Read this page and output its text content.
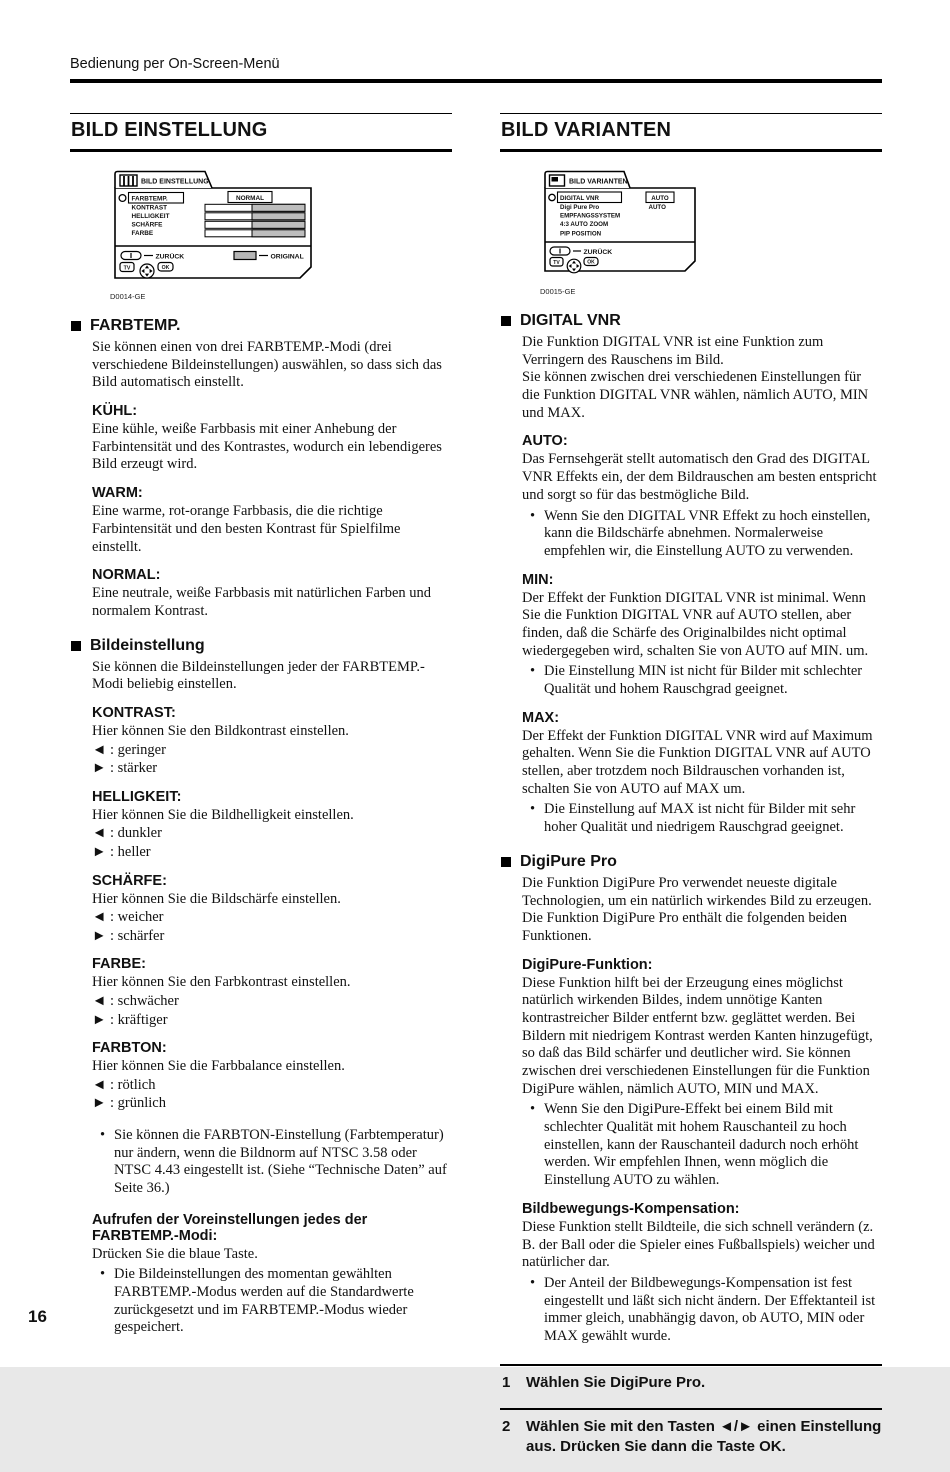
Bedienung per On-Screen-Menü
BILD EINSTELLUNG
BILD EINSTELLUNG
FARBTEMP.	NORMAL
KONTRAST
HELLIGKEIT
SCHÄRFE
FARBE
ZURÜCK	ORIGINAL
TV	OK
D0014-GE
FARBTEMP.

Sie können einen von drei FARBTEMP.-Modi (drei verschiedene Bildeinstellungen) auswählen, so dass sich das Bild automatisch einstellt.

KÜHL:

Eine kühle, weiße Farbbasis mit einer Anhebung der Farbintensität und des Kontrastes, wodurch ein lebendigeres Bild erzeugt wird.

WARM:

Eine warme, rot-orange Farbbasis, die die richtige Farbintensität und den besten Kontrast für Spielfilme einstellt.

NORMAL:

Eine neutrale, weiße Farbbasis mit natürlichen Farben und normalem Kontrast.

Bildeinstellung

Sie können die Bildeinstellungen jeder der FARBTEMP.-Modi beliebig einstellen.

KONTRAST:

Hier können Sie den Bildkontrast einstellen.

◄ : geringer

► : stärker

HELLIGKEIT:

Hier können Sie die Bildhelligkeit einstellen.

◄ : dunkler

► : heller

SCHÄRFE:

Hier können Sie die Bildschärfe einstellen.

◄ : weicher

► : schärfer

FARBE:

Hier können Sie den Farbkontrast einstellen.

◄ : schwächer

► : kräftiger

FARBTON:

Hier können Sie die Farbbalance einstellen.

◄ : rötlich

► : grünlich

• Sie können die FARBTON-Einstellung (Farbtemperatur) nur ändern, wenn die Bildnorm auf NTSC 3.58 oder NTSC 4.43 eingestellt ist. (Siehe “Technische Daten” auf Seite 36.)
Aufrufen der Voreinstellungen jedes der FARBTEMP.-Modi:

Drücken Sie die blaue Taste.

• Die Bildeinstellungen des momentan gewählten FARBTEMP.-Modus werden auf die Standardwerte zurückgesetzt und im FARBTEMP.-Modus wieder gespeichert.
BILD VARIANTEN
BILD VARIANTEN
DIGITAL VNR	AUTO
Digi Pure Pro	AUTO
EMPFANGSSYSTEM
4:3 AUTO ZOOM
PIP POSITION
ZURÜCK
TV	OK
D0015-GE
DIGITAL VNR

Die Funktion DIGITAL VNR ist eine Funktion zum Verringern des Rauschens im Bild.

Sie können zwischen drei verschiedenen Einstellungen für die Funktion DIGITAL VNR wählen, nämlich AUTO, MIN und MAX.

AUTO:

Das Fernsehgerät stellt automatisch den Grad des DIGITAL VNR Effekts ein, der dem Bildrauschen am besten entspricht und sorgt so für das bestmögliche Bild.

• Wenn Sie den DIGITAL VNR Effekt zu hoch einstellen, kann die Bildschärfe abnehmen. Normalerweise empfehlen wir, die Einstellung AUTO zu verwenden.
MIN:

Der Effekt der Funktion DIGITAL VNR ist minimal. Wenn Sie die Funktion DIGITAL VNR auf AUTO stellen, aber finden, daß die Schärfe des Originalbildes nicht optimal wiedergegeben wird, schalten Sie von AUTO auf MIN. um.

• Die Einstellung MIN ist nicht für Bilder mit schlechter Qualität und hohem Rauschgrad geeignet.
MAX:

Der Effekt der Funktion DIGITAL VNR wird auf Maximum gehalten. Wenn Sie die Funktion DIGITAL VNR auf AUTO stellen, aber trotzdem noch Bildrauschen vorhanden ist, schalten Sie von AUTO auf MAX um.

• Die Einstellung auf MAX ist nicht für Bilder mit sehr hoher Qualität und niedrigem Rauschgrad geeignet.
DigiPure Pro

Die Funktion DigiPure Pro verwendet neueste digitale Technologien, um ein natürlich wirkendes Bild zu erzeugen. Die Funktion DigiPure Pro enthält die folgenden beiden Funktionen.

DigiPure-Funktion:

Diese Funktion hilft bei der Erzeugung eines möglichst natürlich wirkenden Bildes, indem unnötige Kanten kontrastreicher Bilder entfernt bzw. geglättet werden. Bei Bildern mit niedrigem Kontrast werden Kanten hinzugefügt, so daß das Bild schärfer und deutlicher wird. Sie können zwischen drei verschiedenen Einstellungen für die Funktion DigiPure wählen, nämlich AUTO, MIN und MAX.

• Wenn Sie den DigiPure-Effekt bei einem Bild mit schlechter Qualität mit hohem Rauschanteil zu hoch einstellen, kann der Rauschanteil dadurch noch erhöht werden. Wir empfehlen Ihnen, wenn möglich die Einstellung AUTO zu wählen.
Bildbewegungs-Kompensation:

Diese Funktion stellt Bildteile, die sich schnell verändern (z. B. der Ball oder die Spieler eines Fußballspiels) weicher und natürlicher dar.

• Der Anteil der Bildbewegungs-Kompensation ist fest eingestellt und läßt sich nicht ändern. Der Effektanteil ist immer gleich, unabhängig davon, ob AUTO, MIN oder MAX gewählt wurde.
1	Wählen Sie DigiPure Pro.
2	Wählen Sie mit den Tasten ◄/► einen Einstellung aus. Drücken Sie dann die Taste OK.
16
